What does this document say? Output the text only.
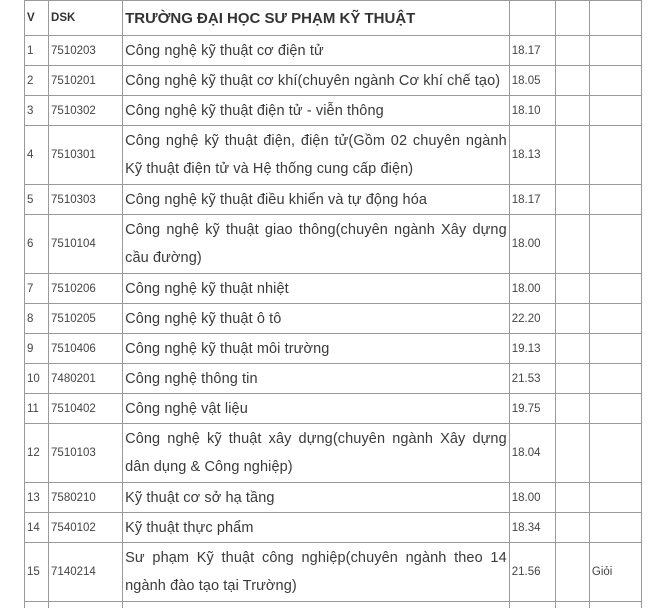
V	DSK	TRƯỜNG ĐẠI HỌC SƯ PHẠM KỸ THUẬT			
1	7510203	Công nghệ kỹ thuật cơ điện tử	18.17		
2	7510201	Công nghệ kỹ thuật cơ khí(chuyên ngành Cơ khí chế tạo)	18.05		
3	7510302	Công nghệ kỹ thuật điện tử - viễn thông	18.10		
4	7510301	Công nghệ kỹ thuật điện, điện tử(Gồm 02 chuyên ngành Kỹ thuật điện tử và Hệ thống cung cấp điện)	18.13		
5	7510303	Công nghệ kỹ thuật điều khiển và tự động hóa	18.17		
6	7510104	Công nghệ kỹ thuật giao thông(chuyên ngành Xây dựng cầu đường)	18.00		
7	7510206	Công nghệ kỹ thuật nhiệt	18.00		
8	7510205	Công nghệ kỹ thuật ô tô	22.20		
9	7510406	Công nghệ kỹ thuật môi trường	19.13		
10	7480201	Công nghệ thông tin	21.53		
11	7510402	Công nghệ vật liệu	19.75		
12	7510103	Công nghệ kỹ thuật xây dựng(chuyên ngành Xây dựng dân dụng & Công nghiệp)	18.04		
13	7580210	Kỹ thuật cơ sở hạ tầng	18.00		
14	7540102	Kỹ thuật thực phẩm	18.34		
15	7140214	Sư phạm Kỹ thuật công nghiệp(chuyên ngành theo 14 ngành đào tạo tại Trường)	21.56		Giỏi
